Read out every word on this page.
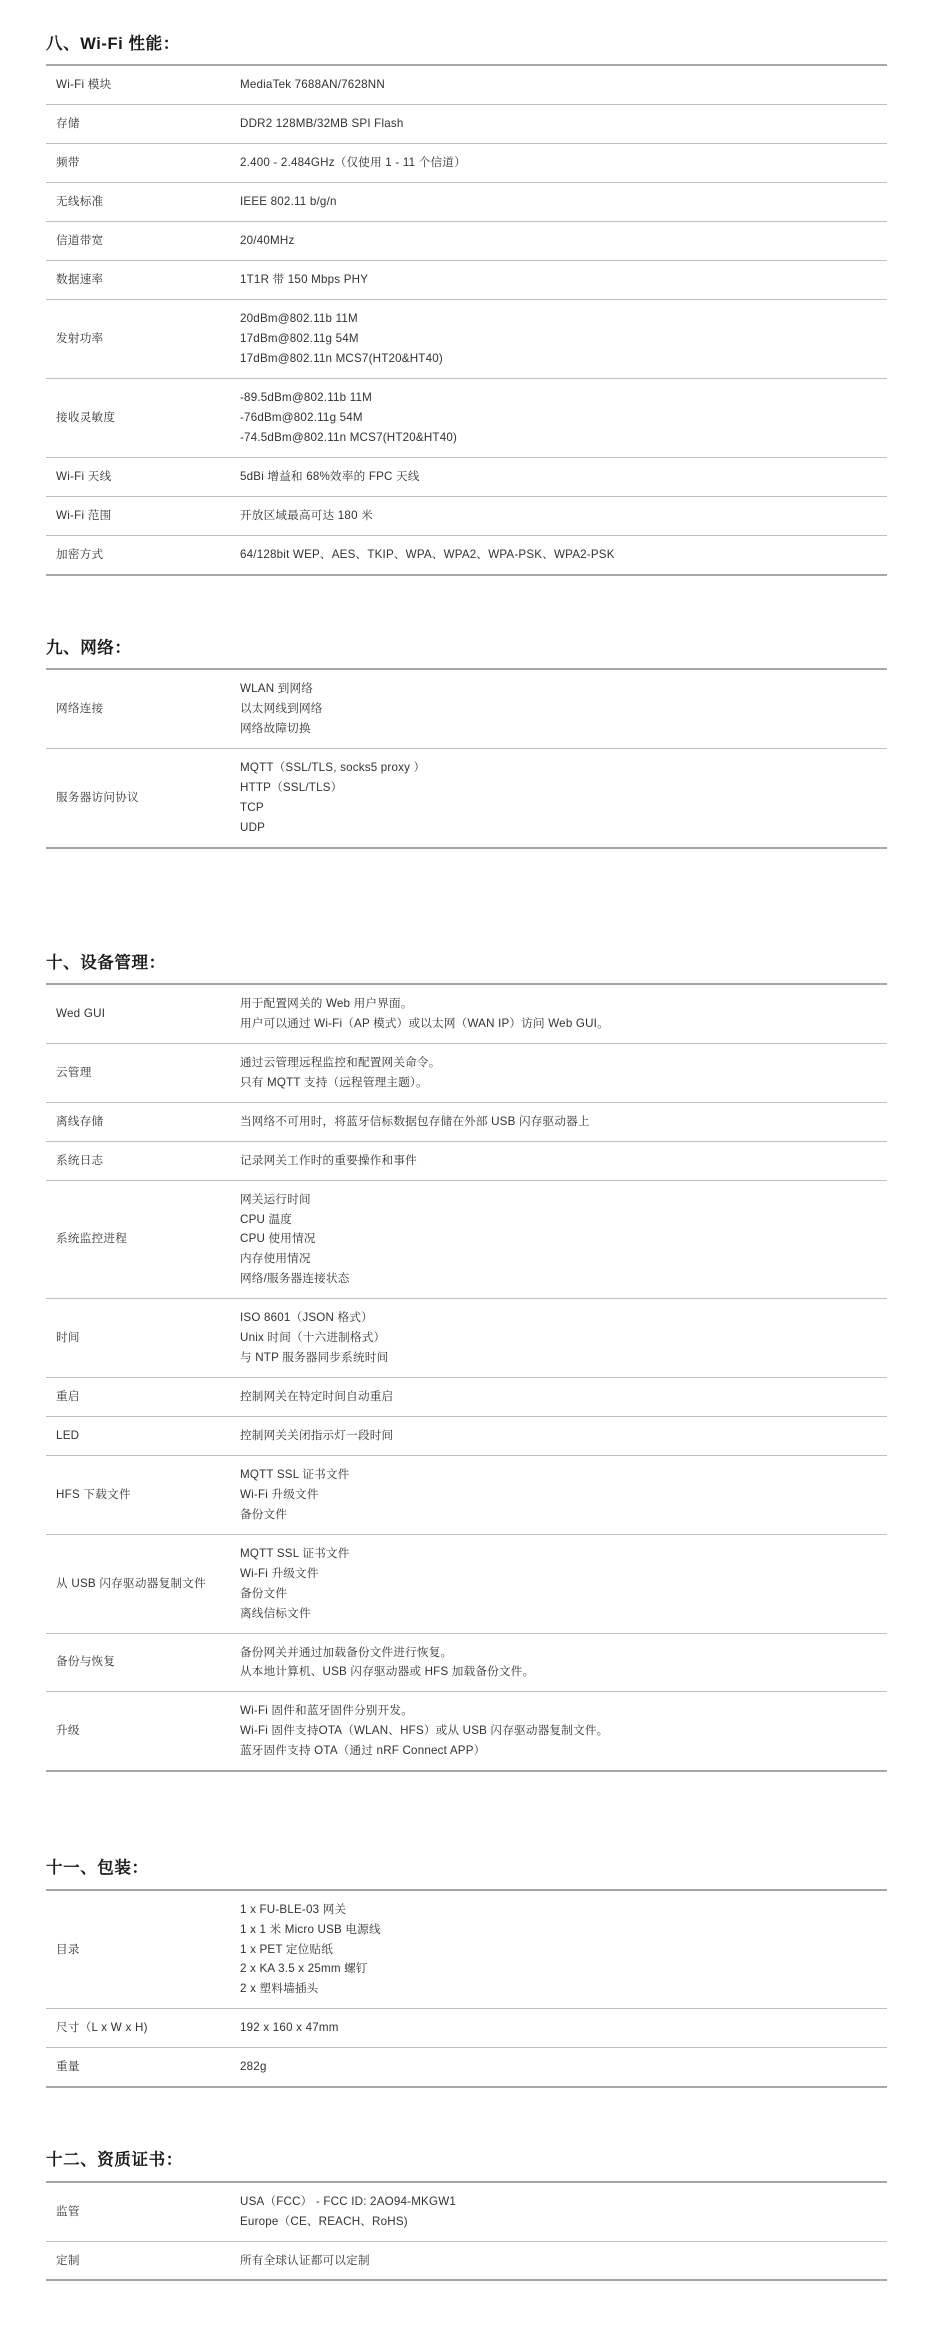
八、Wi-Fi 性能：
Wi-Fi 模块	MediaTek 7688AN/7628NN

存储	DDR2 128MB/32MB SPI Flash

频带	2.400 - 2.484GHz（仅使用 1 - 11 个信道）

无线标准	IEEE 802.11 b/g/n

信道带宽	20/40MHz

数据速率	1T1R 带 150 Mbps PHY

发射功率	20dBm@802.11b 11M
17dBm@802.11g 54M
17dBm@802.11n MCS7(HT20&HT40)

接收灵敏度	-89.5dBm@802.11b 11M
-76dBm@802.11g 54M
-74.5dBm@802.11n MCS7(HT20&HT40)

Wi-Fi 天线	5dBi 增益和 68%效率的 FPC 天线

Wi-Fi 范围	开放区域最高可达 180 米

加密方式	64/128bit WEP、AES、TKIP、WPA、WPA2、WPA-PSK、WPA2-PSK
九、网络：
网络连接	WLAN 到网络
以太网线到网络
网络故障切换

服务器访问协议	MQTT（SSL/TLS, socks5 proxy ）
HTTP（SSL/TLS）
TCP
UDP
十、设备管理：
Wed GUI	用于配置网关的 Web 用户界面。
用户可以通过 Wi-Fi（AP 模式）或以太网（WAN IP）访问 Web GUI。

云管理	通过云管理远程监控和配置网关命令。
只有 MQTT 支持（远程管理主题）。

离线存储	当网络不可用时，将蓝牙信标数据包存储在外部 USB 闪存驱动器上

系统日志	记录网关工作时的重要操作和事件

系统监控进程	网关运行时间
CPU 温度
CPU 使用情况
内存使用情况
网络/服务器连接状态

时间	ISO 8601（JSON 格式）
Unix 时间（十六进制格式）
与 NTP 服务器同步系统时间

重启	控制网关在特定时间自动重启

LED	控制网关关闭指示灯一段时间

HFS 下载文件	MQTT SSL 证书文件
Wi-Fi 升级文件
备份文件

从 USB 闪存驱动器复制文件	MQTT SSL 证书文件
Wi-Fi 升级文件
备份文件
离线信标文件

备份与恢复	备份网关并通过加载备份文件进行恢复。
从本地计算机、USB 闪存驱动器或 HFS 加载备份文件。

升级	Wi-Fi 固件和蓝牙固件分别开发。
Wi-Fi 固件支持OTA（WLAN、HFS）或从 USB 闪存驱动器复制文件。
蓝牙固件支持 OTA（通过 nRF Connect APP）
十一、包装：
目录	1 x FU-BLE-03 网关
1 x 1 米 Micro USB 电源线
1 x PET 定位贴纸
2 x KA 3.5 x 25mm 螺钉
2 x 塑料墙插头

尺寸（L x W x H)	192 x 160 x 47mm

重量	282g
十二、资质证书：
监管	USA（FCC） - FCC ID: 2AO94-MKGW1
Europe（CE、REACH、RoHS)

定制	所有全球认证都可以定制
